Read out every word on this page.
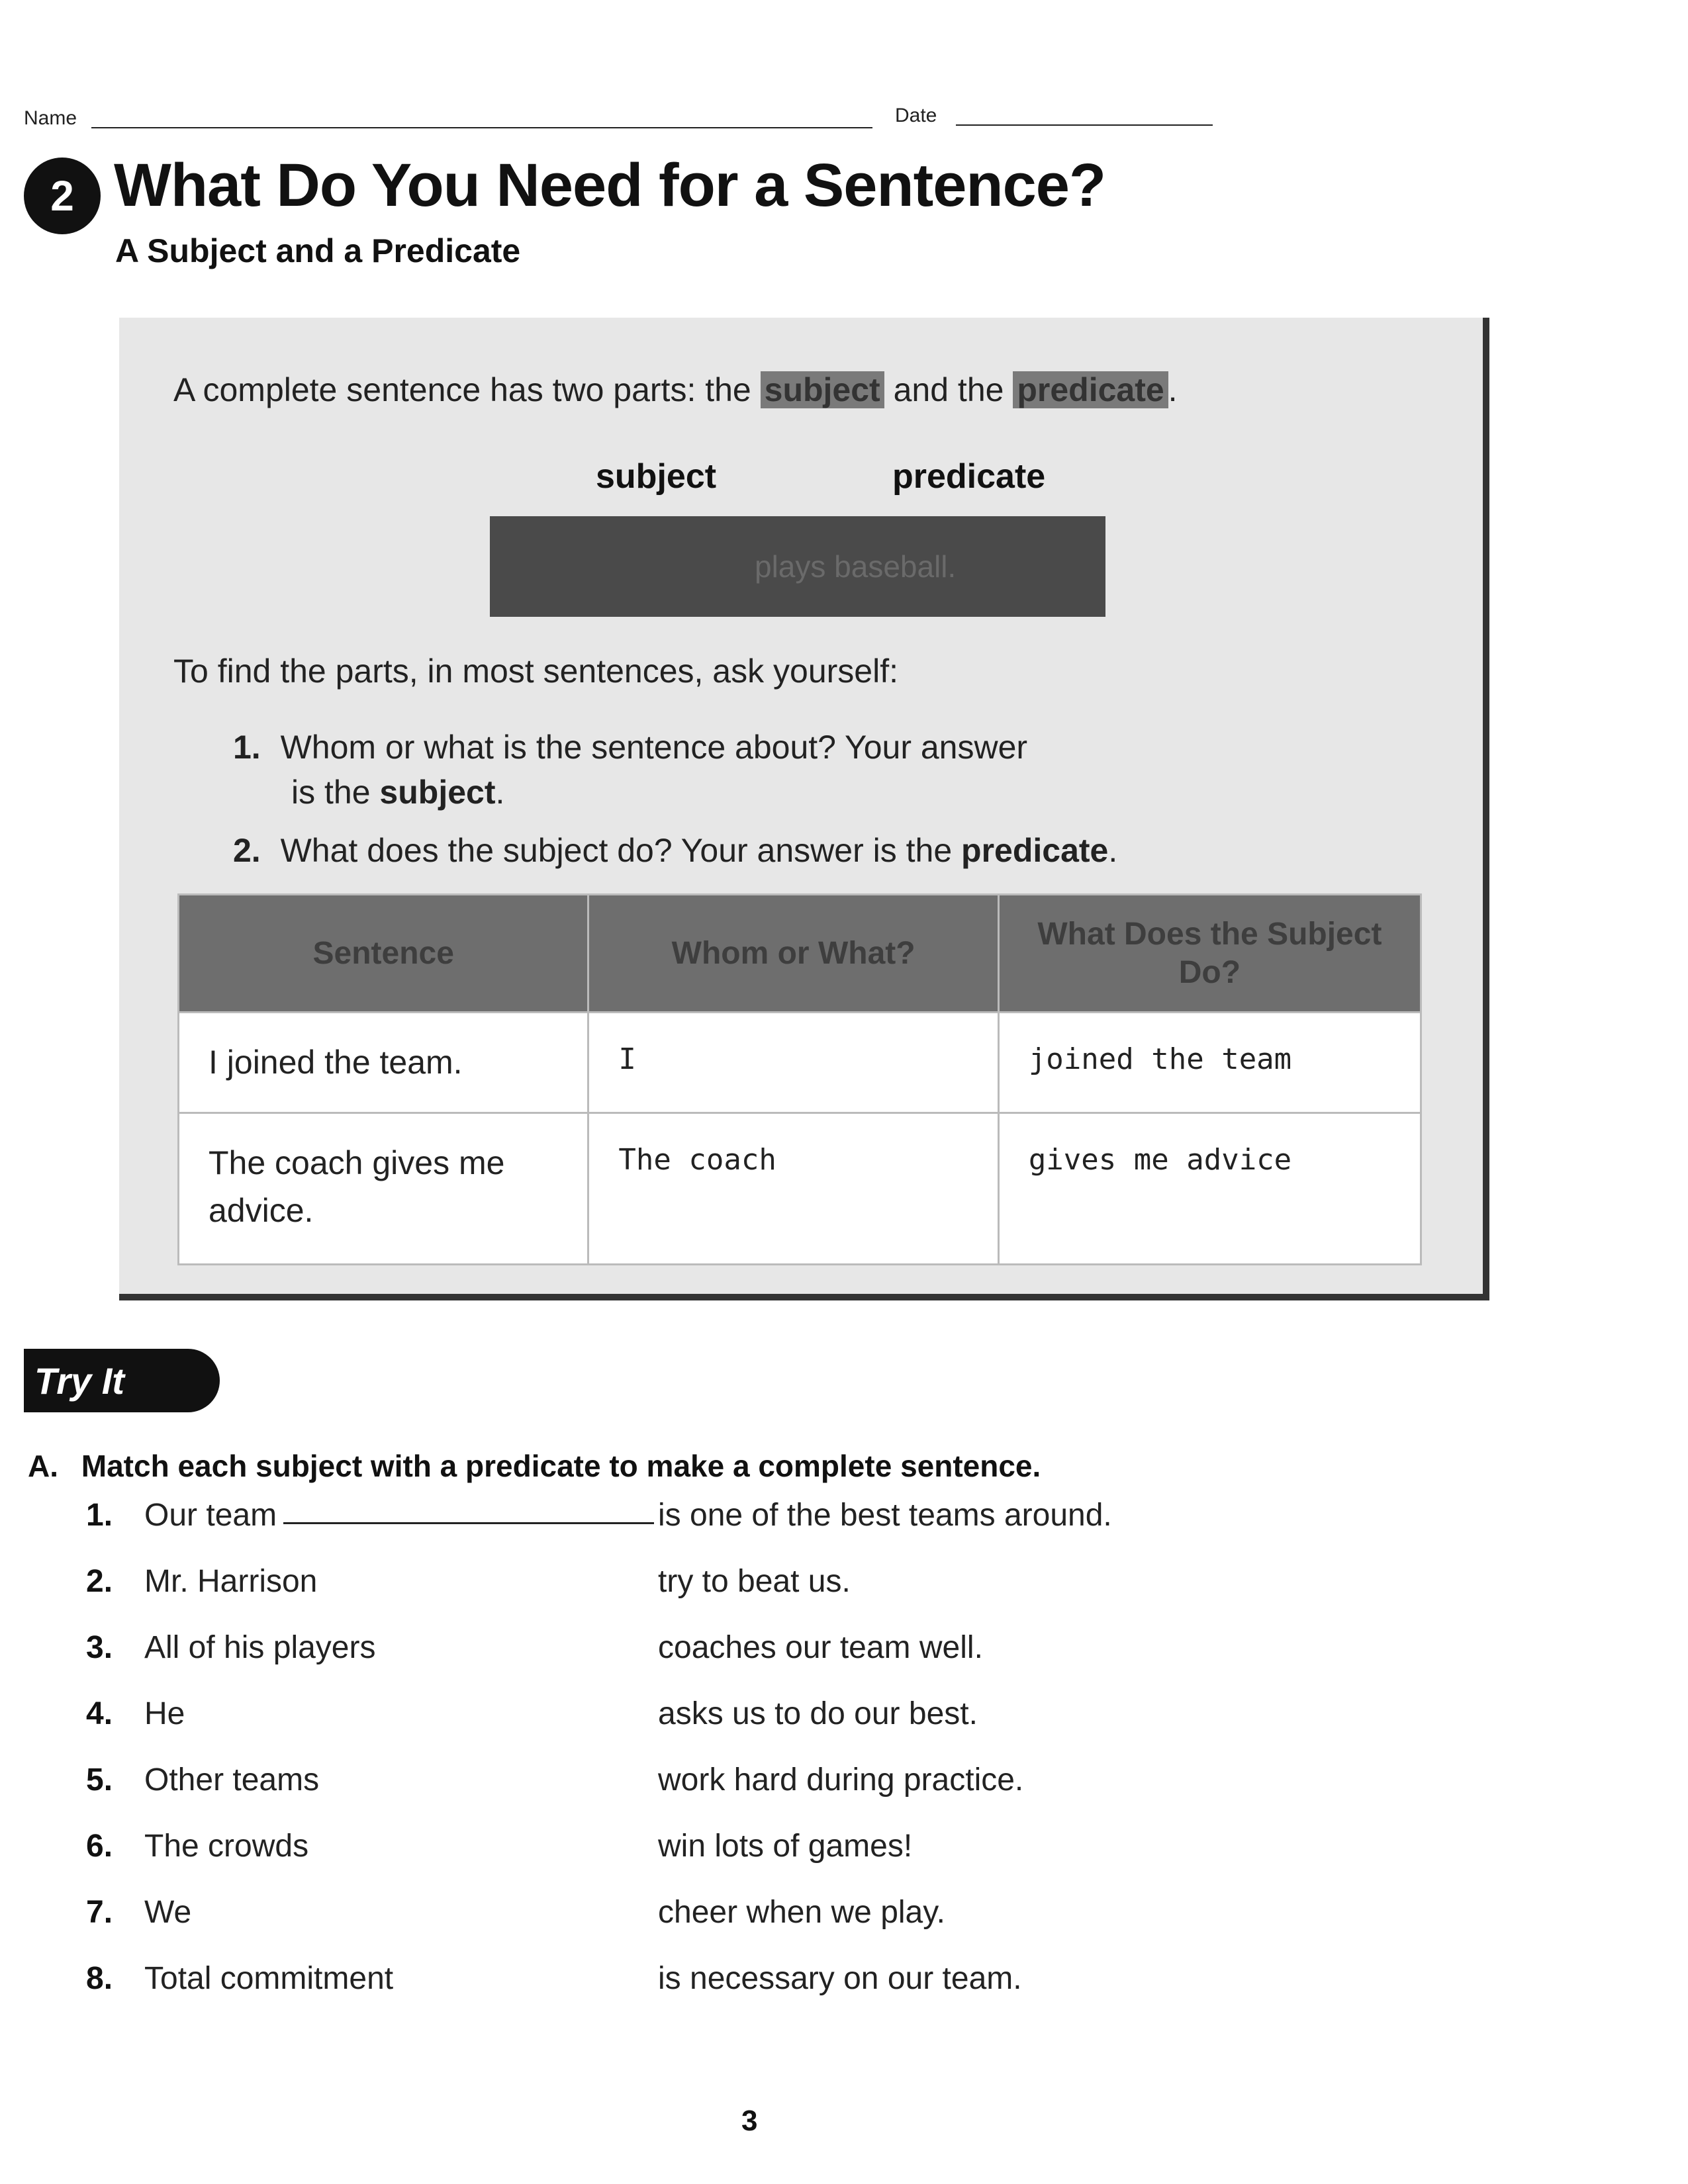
Name	Date
2 What Do You Need for a Sentence?
A Subject and a Predicate
A complete sentence has two parts: the subject and the predicate .
subject	predicate
plays baseball.
To find the parts, in most sentences, ask yourself:
1. Whom or what is the sentence about? Your answer
is the subject.
2. What does the subject do? Your answer is the predicate.
Sentence	Whom or What?	What Does the Subject Do?
I joined the team.	I	joined the team
The coach gives me advice.	The coach	gives me advice
Try It
A. Match each subject with a predicate to make a complete sentence.
1. Our team	is one of the best teams around.
2. Mr. Harrison	try to beat us.
3. All of his players	coaches our team well.
4. He	asks us to do our best.
5. Other teams	work hard during practice.
6. The crowds	win lots of games!
7. We	cheer when we play.
8. Total commitment	is necessary on our team.
3
